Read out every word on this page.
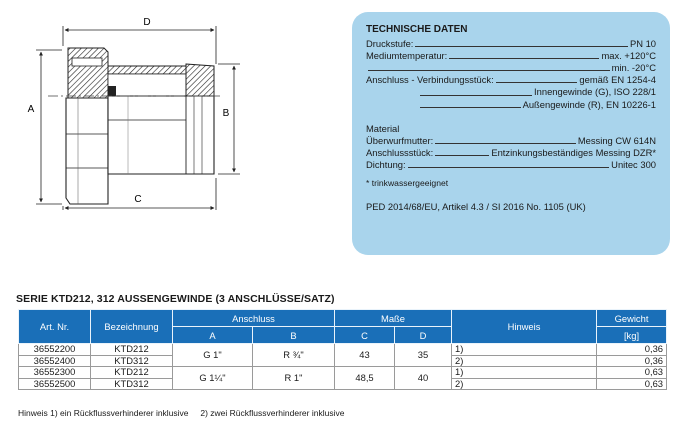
D
A	B
C
TECHNISCHE DATEN
Druckstufe:	PN 10
Mediumtemperatur:	max. +120°C
min. -20°C
Anschluss - Verbindungsstück:	gemäß EN 1254-4
Innengewinde (G), ISO 228/1
Außengewinde (R), EN 10226-1
Material
Überwurfmutter:	Messing CW 614N
Anschlussstück:	Entzinkungsbeständiges Messing DZR*
Dichtung:	Unitec 300
* trinkwassergeeignet
PED 2014/68/EU, Artikel 4.3 / SI 2016 No. 1105 (UK)
SERIE KTD212, 312 AUSSENGEWINDE (3 ANSCHLÜSSE/SATZ)
Art. Nr.	Bezeichnung	Anschluss		Maße		Hinweis	Gewicht
		A	B	C	D		[kg]
36552200	KTD212	G 1"	R ¾"	43	35	1)	0,36
36552400	KTD312					2)	0,36
36552300	KTD212	G 1¼"	R 1"	48,5	40	1)	0,63
36552500	KTD312					2)	0,63
Hinweis 1) ein Rückflussverhinderer inklusive     2) zwei Rückflussverhinderer inklusive
